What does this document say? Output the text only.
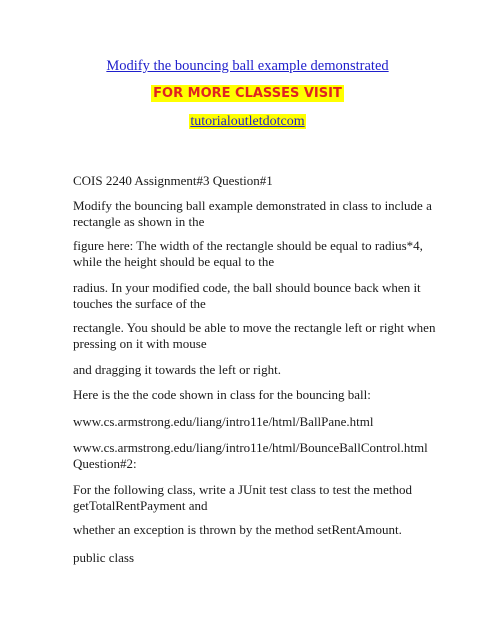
Modify the bouncing ball example demonstrated
FOR MORE CLASSES VISIT
tutorialoutletdotcom
COIS 2240 Assignment#3 Question#1
Modify the bouncing ball example demonstrated in class to include a
rectangle as shown in the
figure here: The width of the rectangle should be equal to radius*4,
while the height should be equal to the
radius. In your modified code, the ball should bounce back when it
touches the surface of the
rectangle. You should be able to move the rectangle left or right when
pressing on it with mouse
and dragging it towards the left or right.
Here is the the code shown in class for the bouncing ball:
www.cs.armstrong.edu/liang/intro11e/html/BallPane.html
www.cs.armstrong.edu/liang/intro11e/html/BounceBallControl.html
Question#2:
For the following class, write a JUnit test class to test the method
getTotalRentPayment and
whether an exception is thrown by the method setRentAmount.
public class
